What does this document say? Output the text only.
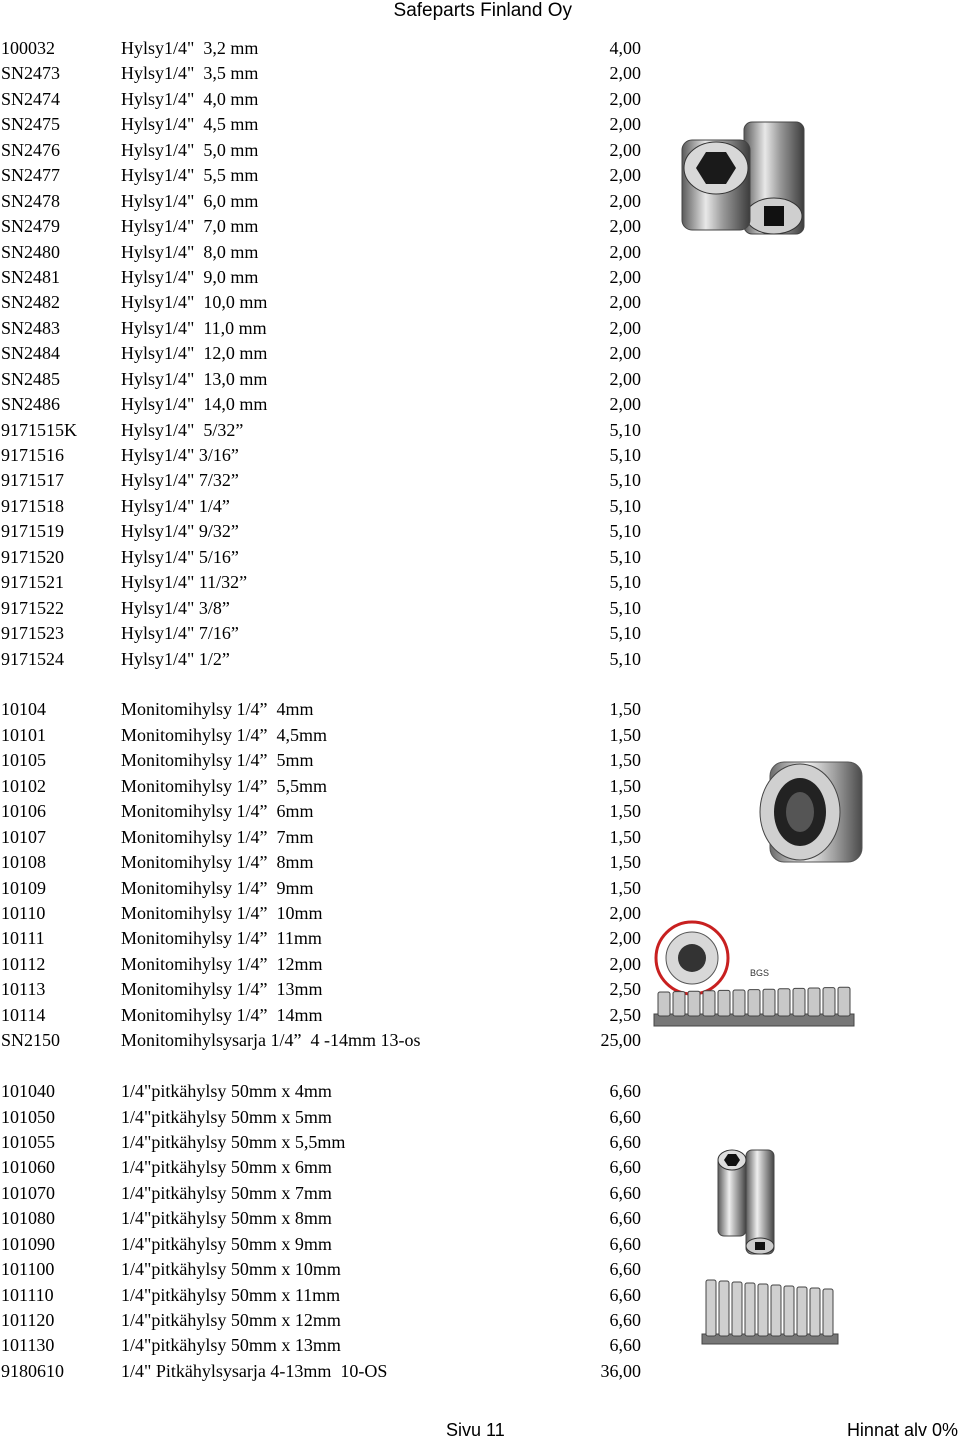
Safeparts Finland Oy
100032	Hylsy1/4"  3,2 mm	4,00
SN2473	Hylsy1/4"  3,5 mm	2,00
SN2474	Hylsy1/4"  4,0 mm	2,00
SN2475	Hylsy1/4"  4,5 mm	2,00
SN2476	Hylsy1/4"  5,0 mm	2,00
SN2477	Hylsy1/4"  5,5 mm	2,00
SN2478	Hylsy1/4"  6,0 mm	2,00
SN2479	Hylsy1/4"  7,0 mm	2,00
SN2480	Hylsy1/4"  8,0 mm	2,00
SN2481	Hylsy1/4"  9,0 mm	2,00
SN2482	Hylsy1/4"  10,0 mm	2,00
SN2483	Hylsy1/4"  11,0 mm	2,00
SN2484	Hylsy1/4"  12,0 mm	2,00
SN2485	Hylsy1/4"  13,0 mm	2,00
SN2486	Hylsy1/4"  14,0 mm	2,00
9171515K Hylsy1/4"  5/32”	5,10
9171516	Hylsy1/4" 3/16”	5,10
9171517	Hylsy1/4" 7/32”	5,10
9171518	Hylsy1/4" 1/4”	5,10
9171519	Hylsy1/4" 9/32”	5,10
9171520	Hylsy1/4" 5/16”	5,10
9171521	Hylsy1/4" 11/32”	5,10
9171522	Hylsy1/4" 3/8”	5,10
9171523	Hylsy1/4" 7/16”	5,10
9171524	Hylsy1/4" 1/2”	5,10
10104	Monitomihylsy 1/4”  4mm	1,50
10101	Monitomihylsy 1/4”  4,5mm	1,50
10105	Monitomihylsy 1/4”  5mm	1,50
10102	Monitomihylsy 1/4”  5,5mm	1,50
10106	Monitomihylsy 1/4”  6mm	1,50
10107	Monitomihylsy 1/4”  7mm	1,50
10108	Monitomihylsy 1/4”  8mm	1,50
10109	Monitomihylsy 1/4”  9mm	1,50
10110	Monitomihylsy 1/4”  10mm	2,00
10111	Monitomihylsy 1/4”  11mm	2,00
10112	Monitomihylsy 1/4”  12mm	2,00
10113	Monitomihylsy 1/4”  13mm	2,50
10114	Monitomihylsy 1/4”  14mm	2,50
SN2150	Monitomihylsysarja 1/4”  4 -14mm 13-os	25,00
101040	1/4"pitkähylsy 50mm x 4mm	6,60
101050	1/4"pitkähylsy 50mm x 5mm	6,60
101055	1/4"pitkähylsy 50mm x 5,5mm	6,60
101060	1/4"pitkähylsy 50mm x 6mm	6,60
101070	1/4"pitkähylsy 50mm x 7mm	6,60
101080	1/4"pitkähylsy 50mm x 8mm	6,60
101090	1/4"pitkähylsy 50mm x 9mm	6,60
101100	1/4"pitkähylsy 50mm x 10mm	6,60
101110	1/4"pitkähylsy 50mm x 11mm	6,60
101120	1/4"pitkähylsy 50mm x 12mm	6,60
101130	1/4"pitkähylsy 50mm x 13mm	6,60
9180610	1/4" Pitkähylsysarja 4-13mm  10-OS	36,00
BGS
Sivu 11	Hinnat alv 0%
